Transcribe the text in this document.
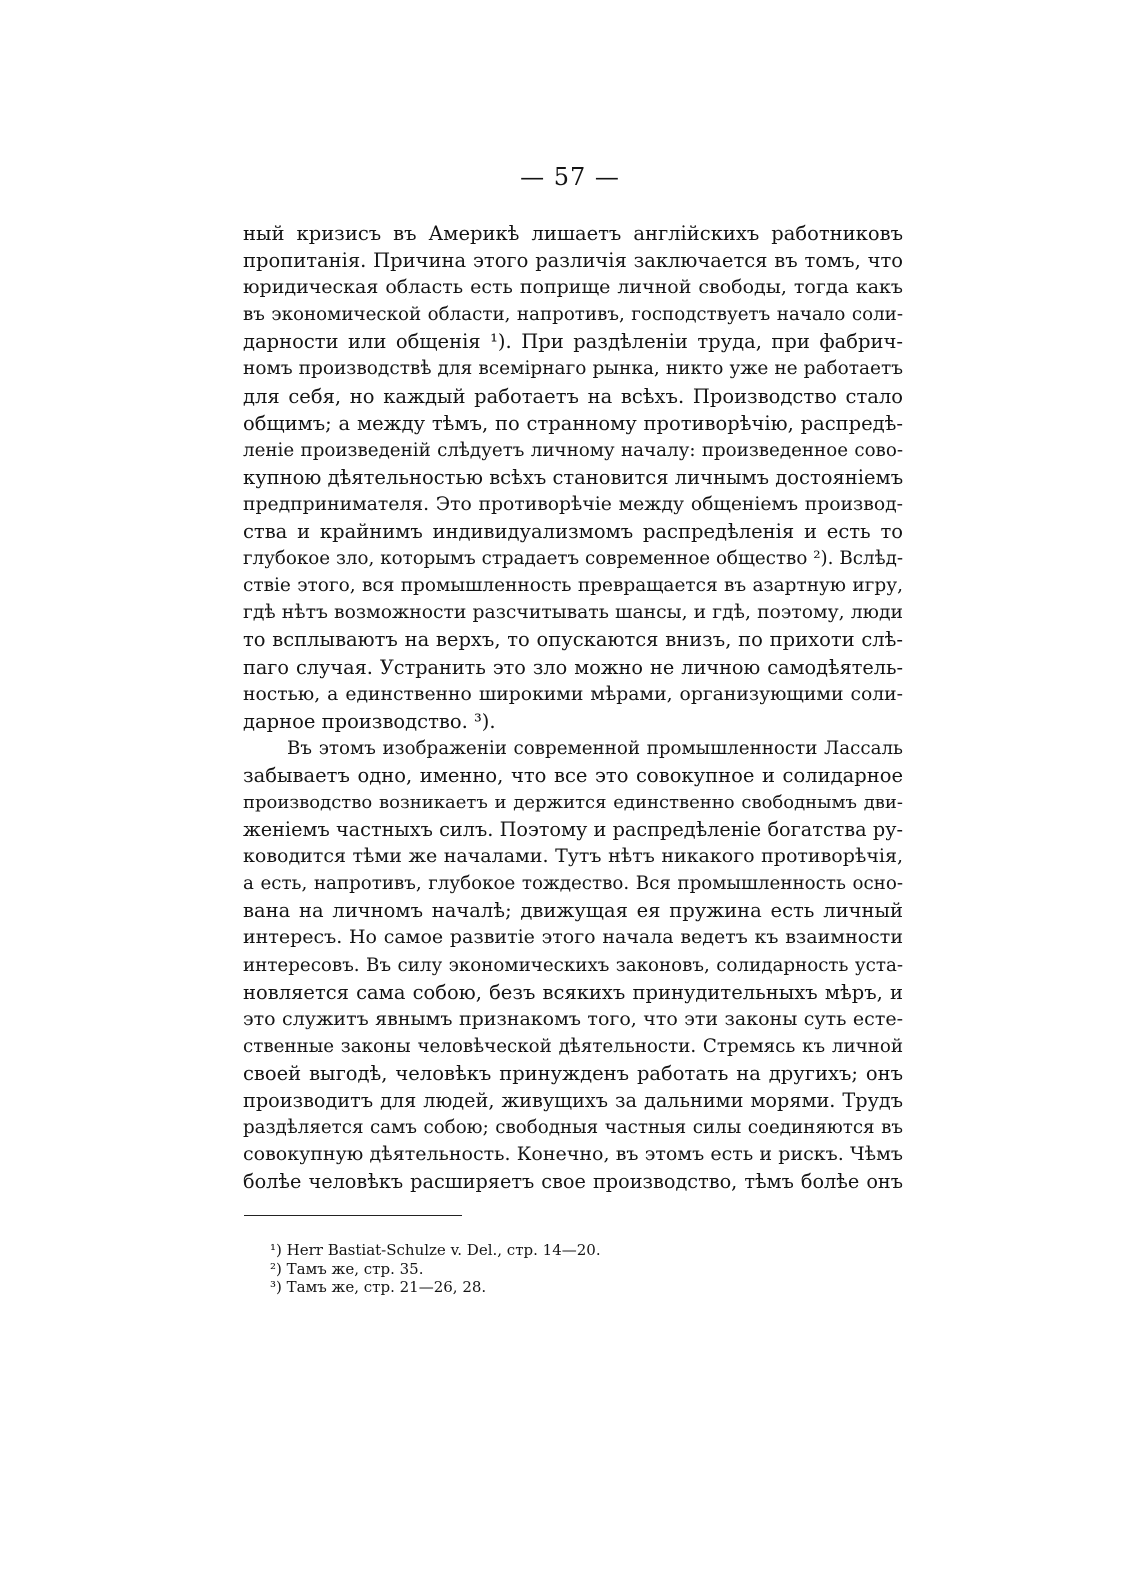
— 57 —
ный кризисъ въ Америкѣ лишаетъ англійскихъ работниковъ
пропитанія. Причина этого различія заключается въ томъ, что
юридическая область есть поприще личной свободы, тогда какъ
въ экономической области, напротивъ, господствуетъ начало соли-
дарности или общенія ¹). При раздѣленіи труда, при фабрич-
номъ производствѣ для всемірнаго рынка, никто уже не работаетъ
для себя, но каждый работаетъ на всѣхъ. Производство стало
общимъ; а между тѣмъ, по странному противорѣчію, распредѣ-
леніе произведеній слѣдуетъ личному началу: произведенное сово-
купною дѣятельностью всѣхъ становится личнымъ достояніемъ
предпринимателя. Это противорѣчіе между общеніемъ производ-
ства и крайнимъ индивидуализмомъ распредѣленія и есть то
глубокое зло, которымъ страдаетъ современное общество ²). Вслѣд-
ствіе этого, вся промышленность превращается въ азартную игру,
гдѣ нѣтъ возможности разсчитывать шансы, и гдѣ, поэтому, люди
то всплываютъ на верхъ, то опускаются внизъ, по прихоти слѣ-
паго случая. Устранить это зло можно не личною самодѣятель-
ностью, а единственно широкими мѣрами, организующими соли-
дарное производство. ³).
Въ этомъ изображеніи современной промышленности Лассаль
забываетъ одно, именно, что все это совокупное и солидарное
производство возникаетъ и держится единственно свободнымъ дви-
женіемъ частныхъ силъ. Поэтому и распредѣленіе богатства ру-
ководится тѣми же началами. Тутъ нѣтъ никакого противорѣчія,
а есть, напротивъ, глубокое тождество. Вся промышленность осно-
вана на личномъ началѣ; движущая ея пружина есть личный
интересъ. Но самое развитіе этого начала ведетъ къ взаимности
интересовъ. Въ силу экономическихъ законовъ, солидарность уста-
новляется сама собою, безъ всякихъ принудительныхъ мѣръ, и
это служитъ явнымъ признакомъ того, что эти законы суть есте-
ственные законы человѣческой дѣятельности. Стремясь къ личной
своей выгодѣ, человѣкъ принужденъ работать на другихъ; онъ
производитъ для людей, живущихъ за дальними морями. Трудъ
раздѣляется самъ собою; свободныя частныя силы соединяются въ
совокупную дѣятельность. Конечно, въ этомъ есть и рискъ. Чѣмъ
болѣе человѣкъ расширяетъ свое производство, тѣмъ болѣе онъ
¹) Herr Bastiat-Schulze v. Del., стр. 14—20.
²) Тамъ же, стр. 35.
³) Тамъ же, стр. 21—26, 28.
